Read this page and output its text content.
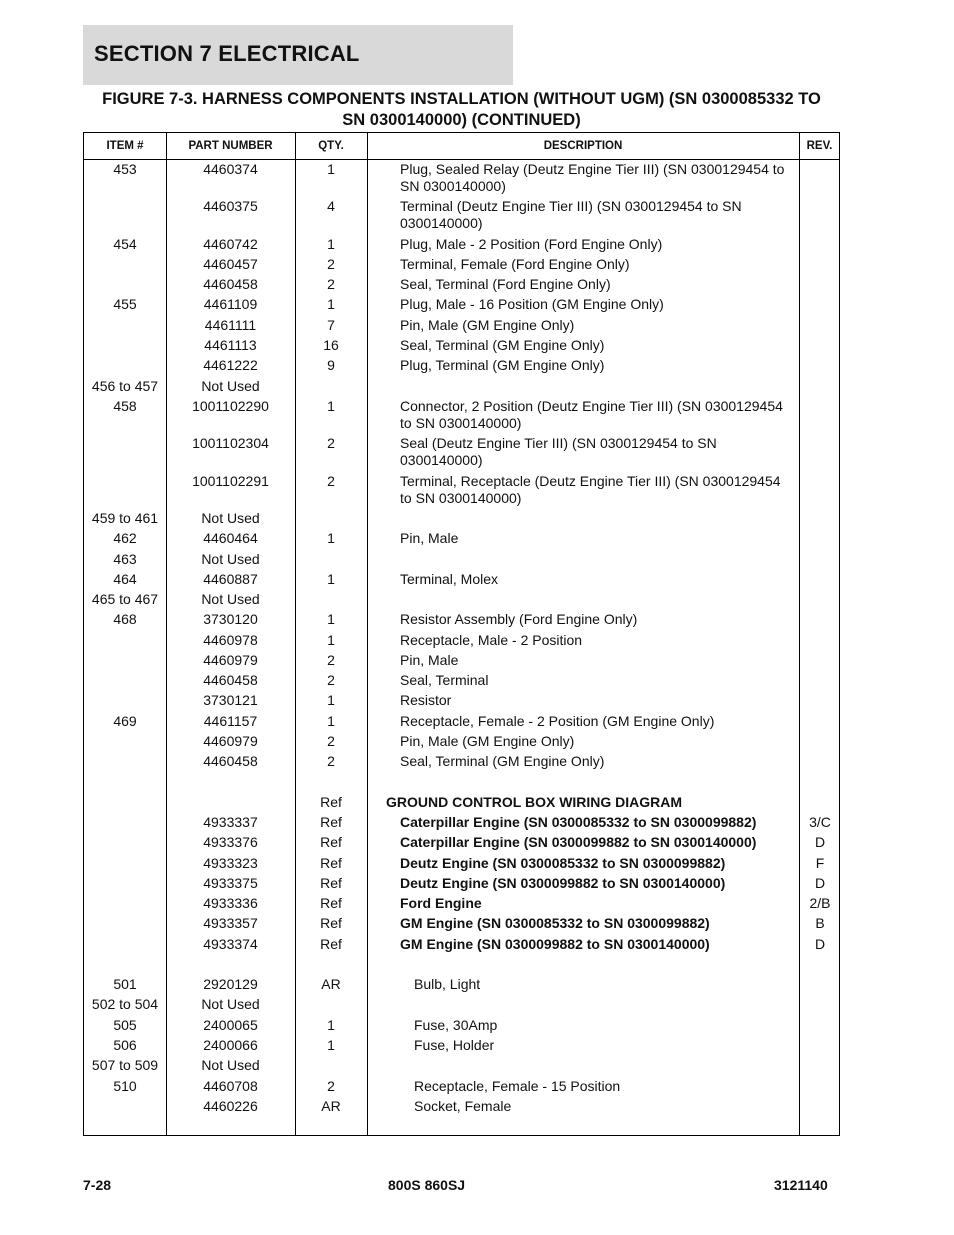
SECTION 7 ELECTRICAL
FIGURE 7-3. HARNESS COMPONENTS INSTALLATION (WITHOUT UGM) (SN 0300085332 TO
SN 0300140000) (CONTINUED)
ITEM #	PART NUMBER	QTY.	DESCRIPTION	REV.
453	4460374	1	Plug, Sealed Relay (Deutz Engine Tier III) (SN 0300129454 to SN 0300140000)
4460375	4	Terminal (Deutz Engine Tier III) (SN 0300129454 to SN 0300140000)
454	4460742	1	Plug, Male - 2 Position (Ford Engine Only)
4460457	2	Terminal, Female (Ford Engine Only)
4460458	2	Seal, Terminal (Ford Engine Only)
455	4461109	1	Plug, Male - 16 Position (GM Engine Only)
4461111	7	Pin, Male (GM Engine Only)
4461113	16	Seal, Terminal (GM Engine Only)
4461222	9	Plug, Terminal (GM Engine Only)
456 to 457	Not Used
458	1001102290	1	Connector, 2 Position (Deutz Engine Tier III) (SN 0300129454 to SN 0300140000)
1001102304	2	Seal (Deutz Engine Tier III) (SN 0300129454 to SN 0300140000)
1001102291	2	Terminal, Receptacle (Deutz Engine Tier III) (SN 0300129454 to SN 0300140000)
459 to 461	Not Used
462	4460464	1	Pin, Male
463	Not Used
464	4460887	1	Terminal, Molex
465 to 467	Not Used
468	3730120	1	Resistor Assembly (Ford Engine Only)
4460978	1	Receptacle, Male - 2 Position
4460979	2	Pin, Male
4460458	2	Seal, Terminal
3730121	1	Resistor
469	4461157	1	Receptacle, Female - 2 Position (GM Engine Only)
4460979	2	Pin, Male (GM Engine Only)
4460458	2	Seal, Terminal (GM Engine Only)
Ref	GROUND CONTROL BOX WIRING DIAGRAM
4933337	Ref	Caterpillar Engine (SN 0300085332 to SN 0300099882)	3/C
4933376	Ref	Caterpillar Engine (SN 0300099882 to SN 0300140000)	D
4933323	Ref	Deutz Engine (SN 0300085332 to SN 0300099882)	F
4933375	Ref	Deutz Engine (SN 0300099882 to SN 0300140000)	D
4933336	Ref	Ford Engine	2/B
4933357	Ref	GM Engine (SN 0300085332 to SN 0300099882)	B
4933374	Ref	GM Engine (SN 0300099882 to SN 0300140000)	D
501	2920129	AR	Bulb, Light
502 to 504	Not Used
505	2400065	1	Fuse, 30Amp
506	2400066	1	Fuse, Holder
507 to 509	Not Used
510	4460708	2	Receptacle, Female - 15 Position
4460226	AR	Socket, Female
7-28	800S 860SJ	3121140
